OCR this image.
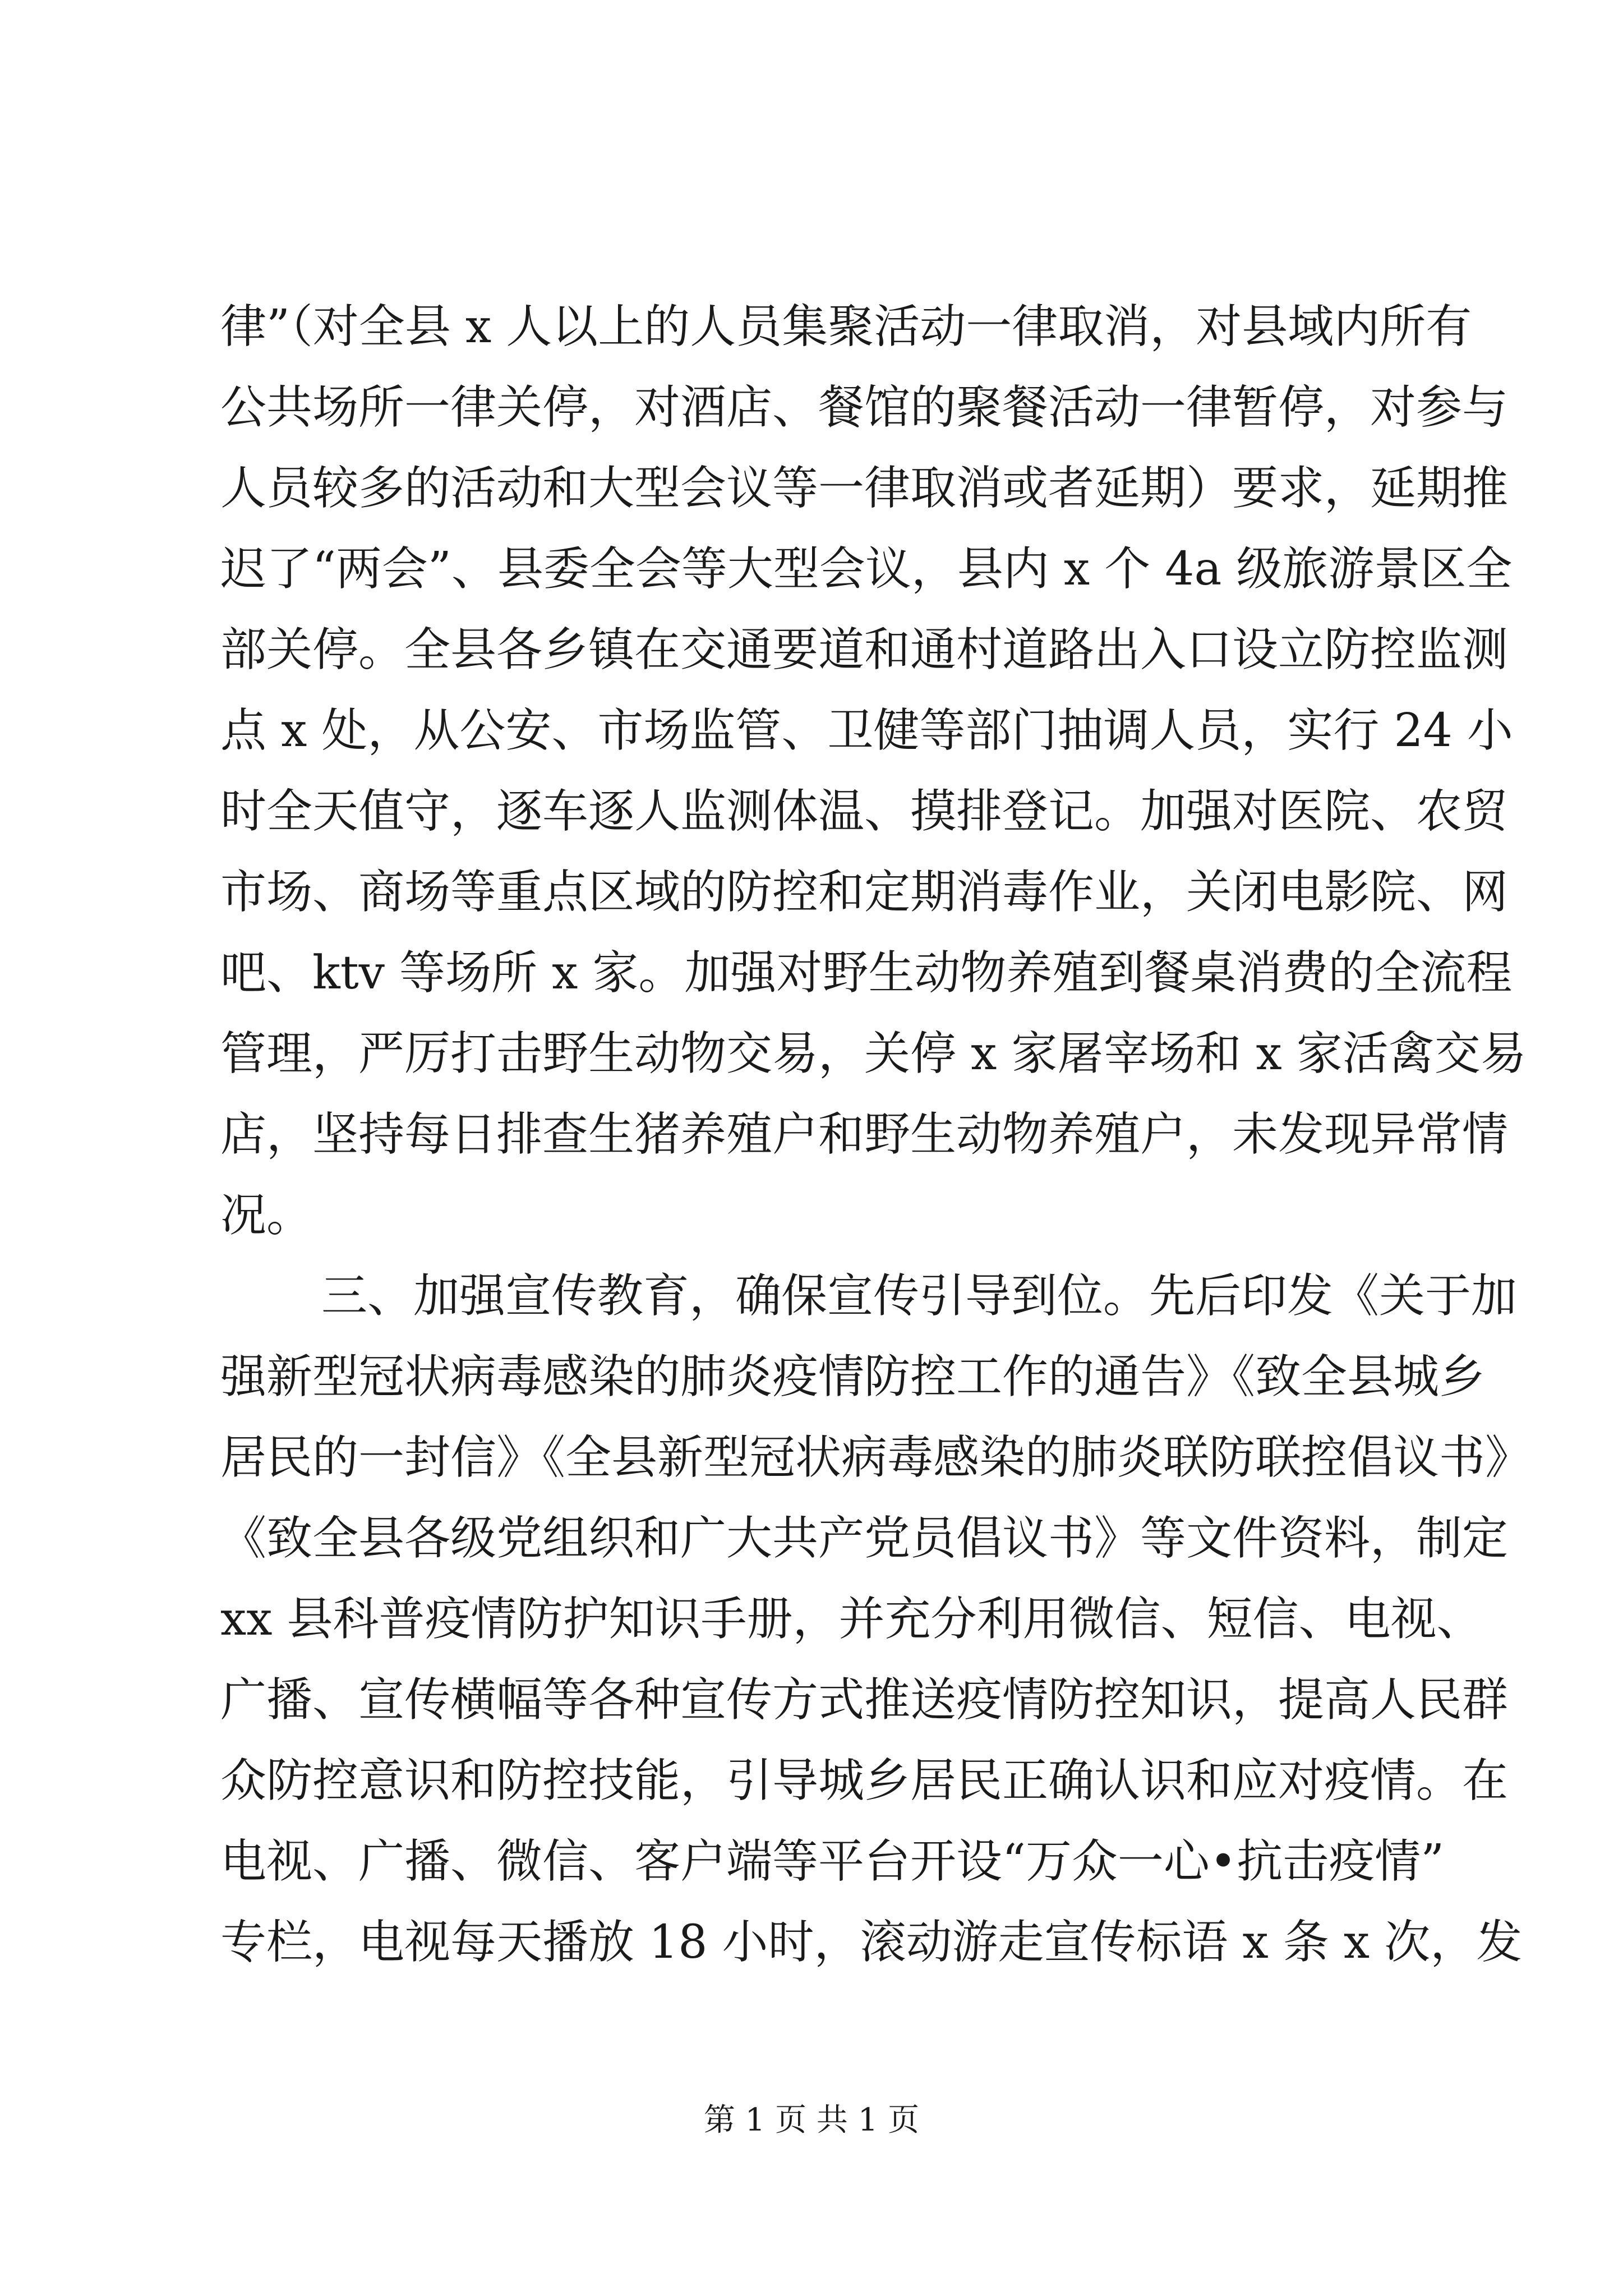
律”（对全县 x 人以上的人员集聚活动一律取消，对县域内所有
公共场所一律关停，对酒店、餐馆的聚餐活动一律暂停，对参与
人员较多的活动和大型会议等一律取消或者延期）要求，延期推
迟了“两会”、县委全会等大型会议，县内 x 个 4a 级旅游景区全
部关停。全县各乡镇在交通要道和通村道路出入口设立防控监测
点 x 处，从公安、市场监管、卫健等部门抽调人员，实行 24 小
时全天值守，逐车逐人监测体温、摸排登记。加强对医院、农贸
市场、商场等重点区域的防控和定期消毒作业，关闭电影院、网
吧、ktv 等场所 x 家。加强对野生动物养殖到餐桌消费的全流程
管理，严厉打击野生动物交易，关停 x 家屠宰场和 x 家活禽交易
店，坚持每日排查生猪养殖户和野生动物养殖户，未发现异常情
况。
三、加强宣传教育，确保宣传引导到位。先后印发《关于加
强新型冠状病毒感染的肺炎疫情防控工作的通告》《致全县城乡
居民的一封信》《全县新型冠状病毒感染的肺炎联防联控倡议书》
《致全县各级党组织和广大共产党员倡议书》等文件资料，制定
xx 县科普疫情防护知识手册，并充分利用微信、短信、电视、
广播、宣传横幅等各种宣传方式推送疫情防控知识，提高人民群
众防控意识和防控技能，引导城乡居民正确认识和应对疫情。在
电视、广播、微信、客户端等平台开设“万众一心•抗击疫情”
专栏，电视每天播放 18 小时，滚动游走宣传标语 x 条 x 次，发
第 1 页 共 1 页
